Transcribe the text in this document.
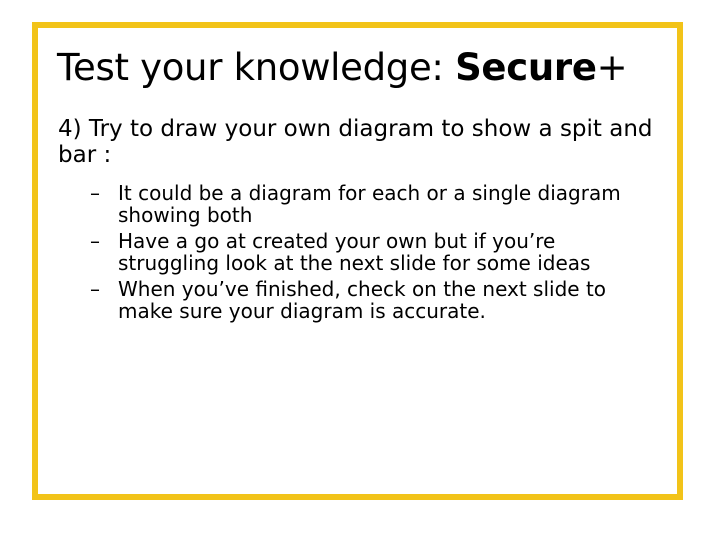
Test your knowledge: Secure+

4) Try to draw your own diagram to show a spit and bar :

– It could be a diagram for each or a single diagram showing both
– Have a go at created your own but if you’re struggling look at the next slide for some ideas
– When you’ve finished, check on the next slide to make sure your diagram is accurate.
